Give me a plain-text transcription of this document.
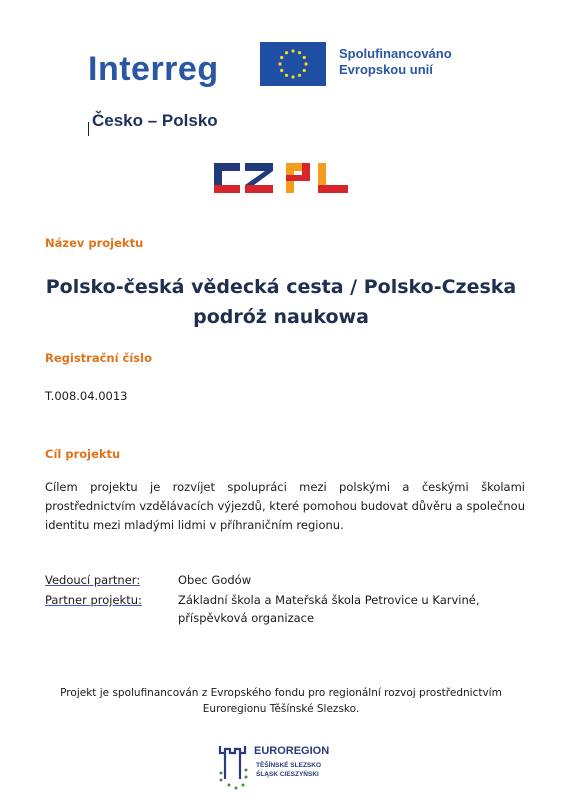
Interreg	Spolufinancováno
Evropskou unií
Česko – Polsko
Název projektu
Polsko-česká vědecká cesta / Polsko-Czeska
podróż naukowa
Registrační číslo
T.008.04.0013
Cíl projektu
Cílem projektu je rozvíjet spolupráci mezi polskými a českými školami prostřednictvím vzdělávacích výjezdů, které pomohou budovat důvěru a společnou identitu mezi mladými lidmi v příhraničním regionu.
Vedoucí partner:	Obec Godów
Partner projektu:	Základní škola a Mateřská škola Petrovice u Karviné,
příspěvková organizace
Projekt je spolufinancován z Evropského fondu pro regionální rozvoj prostřednictvím
Euroregionu Těšínské Slezsko.
EUROREGION
TĚŠÍNSKÉ SLEZSKO
ŚLĄSK CIESZYŃSKI
